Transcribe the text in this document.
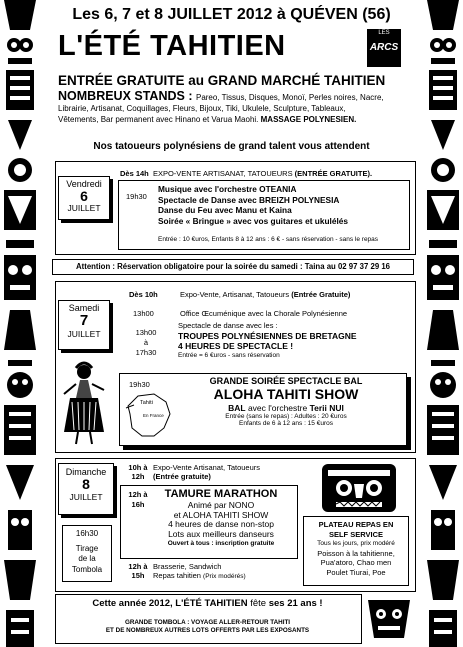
Les 6, 7 et 8 JUILLET 2012 à QUÉVEN (56)
L'ÉTÉ TAHITIEN	LES
ARCS
ENTRÉE GRATUITE au GRAND MARCHÉ TAHITIEN
NOMBREUX STANDS : Pareo, Tissus, Disques, Monoï, Perles noires, Nacre,
Librairie, Artisanat, Coquillages, Fleurs, Bijoux, Tiki, Ukulele, Sculpture, Tableaux,
Vêtements, Bar permanent avec Hinano et Varua Maohi. MASSAGE POLYNESIEN.
Nos tatoueurs polynésiens de grand talent vous attendent
Vendredi
6
JUILLET
Dès 14h EXPO-VENTE ARTISANAT, TATOUEURS (ENTRÉE GRATUITE).
19h30
Musique avec l'orchestre OTEANIA
Spectacle de Danse avec BREIZH POLYNESIA
Danse du Feu avec Manu et Kaina
Soirée « Bringue » avec vos guitares et ukulélés
Entrée : 10 €uros, Enfants 8 à 12 ans : 6 € - sans réservation - sans le repas
Attention : Réservation obligatoire pour la soirée du samedi : Taina au 02 97 37 29 16
Samedi
7
JUILLET
Dès 10h	Expo-Vente, Artisanat, Tatoueurs (Entrée Gratuite)
13h00	Office Œcuménique avec la Chorale Polynésienne
13h00
à
17h30
Spectacle de danse avec les :
TROUPES POLYNÉSIENNES DE BRETAGNE
4 HEURES DE SPECTACLE !
Entrée = 6 €uros - sans réservation
Tahiti
En France
19h30	GRANDE SOIRÉE SPECTACLE BAL
ALOHA TAHITI SHOW
BAL avec l'orchestre Terii NUI
Entrée (sans le repas) : Adultes : 20 €uros
Enfants de 6 à 12 ans : 15 €uros
Dimanche
8
JUILLET
16h30
Tirage
de la
Tombola
10h à
12h
Expo-Vente Artisanat, Tatoueurs
(Entrée gratuite)
12h à
16h
TAMURE MARATHON
Animé par NONO
et ALOHA TAHITI SHOW
4 heures de danse non-stop
Lots aux meilleurs danseurs
Ouvert à tous : inscription gratuite
12h à
15h
Brasserie, Sandwich
Repas tahitien (Prix modérés)
PLATEAU REPAS EN
SELF SERVICE
Tous les jours, prix modéré
Poisson à la tahitienne,
Pua'atoro, Chao men
Poulet Tiurai, Poe
Cette année 2012, L'ÉTÉ TAHITIEN fête ses 21 ans !
GRANDE TOMBOLA : VOYAGE ALLER-RETOUR TAHITI
ET DE NOMBREUX AUTRES LOTS OFFERTS PAR LES EXPOSANTS
